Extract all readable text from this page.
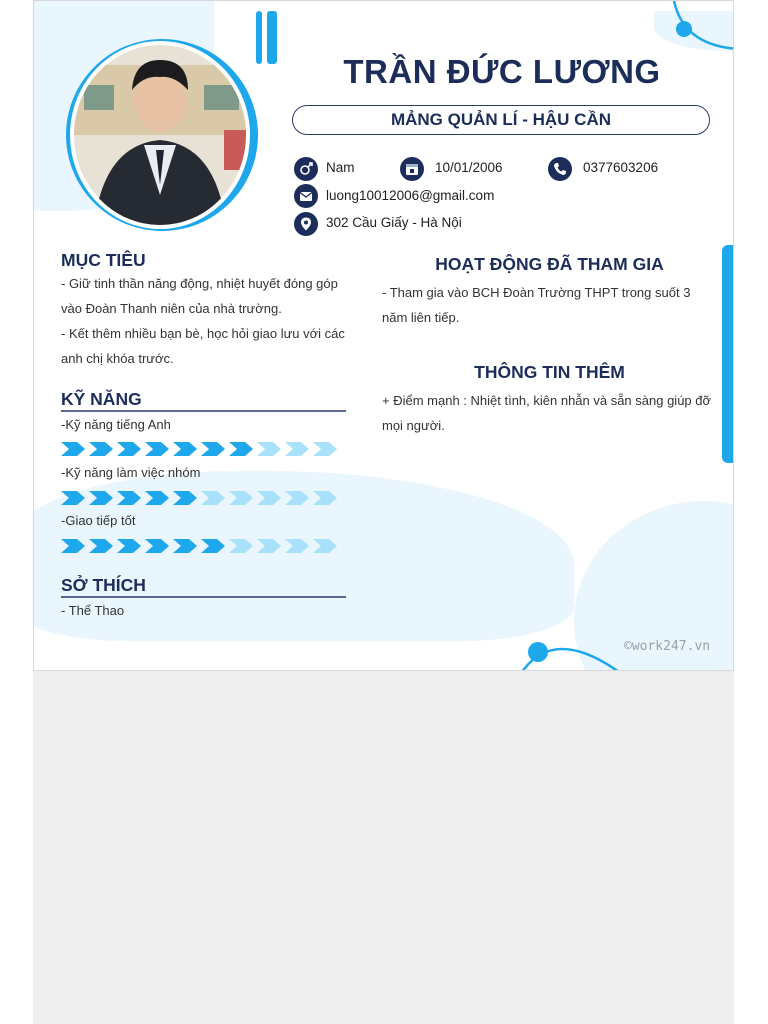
TRẦN ĐỨC LƯƠNG
MẢNG QUẢN LÍ - HẬU CẦN
Nam	10/01/2006	0377603206
luong10012006@gmail.com
302 Cầu Giấy - Hà Nội
MỤC TIÊU
- Giữ tinh thần năng động, nhiệt huyết đóng góp
vào Đoàn Thanh niên của nhà trường.
- Kết thêm nhiều bạn bè, học hỏi giao lưu với các
anh chị khóa trước.
KỸ NĂNG
-Kỹ năng tiếng Anh
-Kỹ năng làm việc nhóm
-Giao tiếp tốt
SỞ THÍCH
- Thể Thao
HOẠT ĐỘNG ĐÃ THAM GIA
- Tham gia vào BCH Đoàn Trường THPT trong suốt 3
năm liên tiếp.
THÔNG TIN THÊM
+ Điểm mạnh : Nhiệt tình, kiên nhẫn và sẵn sàng giúp đỡ
mọi người.
©work247.vn
